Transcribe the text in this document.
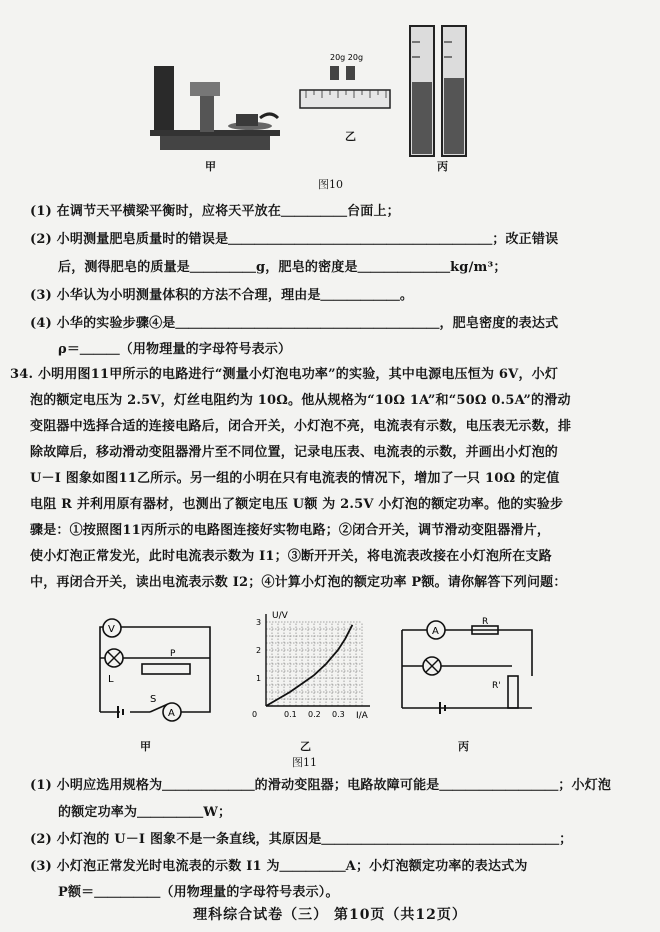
20g 20g
甲
乙
丙
图10
(1) 在调节天平横梁平衡时，应将天平放在＿＿＿＿＿台面上；
(2) 小明测量肥皂质量时的错误是＿＿＿＿＿＿＿＿＿＿＿＿＿＿＿＿＿＿＿＿；改正错误
后，测得肥皂的质量是＿＿＿＿＿g，肥皂的密度是＿＿＿＿＿＿＿kg/m³；
(3) 小华认为小明测量体积的方法不合理，理由是＿＿＿＿＿＿。
(4) 小华的实验步骤④是＿＿＿＿＿＿＿＿＿＿＿＿＿＿＿＿＿＿＿＿，肥皂密度的表达式
ρ＝＿＿＿（用物理量的字母符号表示）
34. 小明用图11甲所示的电路进行“测量小灯泡电功率”的实验，其中电源电压恒为 6V，小灯
泡的额定电压为 2.5V，灯丝电阻约为 10Ω。他从规格为“10Ω 1A”和“50Ω 0.5A”的滑动
变阻器中选择合适的连接电路后，闭合开关，小灯泡不亮，电流表有示数，电压表无示数，排
除故障后，移动滑动变阻器滑片至不同位置，记录电压表、电流表的示数，并画出小灯泡的
U－I 图象如图11乙所示。另一组的小明在只有电流表的情况下，增加了一只 10Ω 的定值
电阻 R 并利用原有器材，也测出了额定电压 U额 为 2.5V 小灯泡的额定功率。他的实验步
骤是：①按照图11丙所示的电路图连接好实物电路；②闭合开关，调节滑动变阻器滑片，
使小灯泡正常发光，此时电流表示数为 I1；③断开开关，将电流表改接在小灯泡所在支路
中，再闭合开关，读出电流表示数 I2；④计算小灯泡的额定功率 P额。请你解答下列问题：
V
A
L
S
P
0	0.1 0.2 0.3
1
2
3
U/V
I/A
A
R
R'
甲	乙	丙
图11
(1) 小明应选用规格为＿＿＿＿＿＿＿的滑动变阻器；电路故障可能是＿＿＿＿＿＿＿＿＿；小灯泡
的额定功率为＿＿＿＿＿W；
(2) 小灯泡的 U－I 图象不是一条直线，其原因是＿＿＿＿＿＿＿＿＿＿＿＿＿＿＿＿＿＿；
(3) 小灯泡正常发光时电流表的示数 I1 为＿＿＿＿＿A；小灯泡额定功率的表达式为
P额＝＿＿＿＿＿（用物理量的字母符号表示）。
理科综合试卷（三） 第10页（共12页）
